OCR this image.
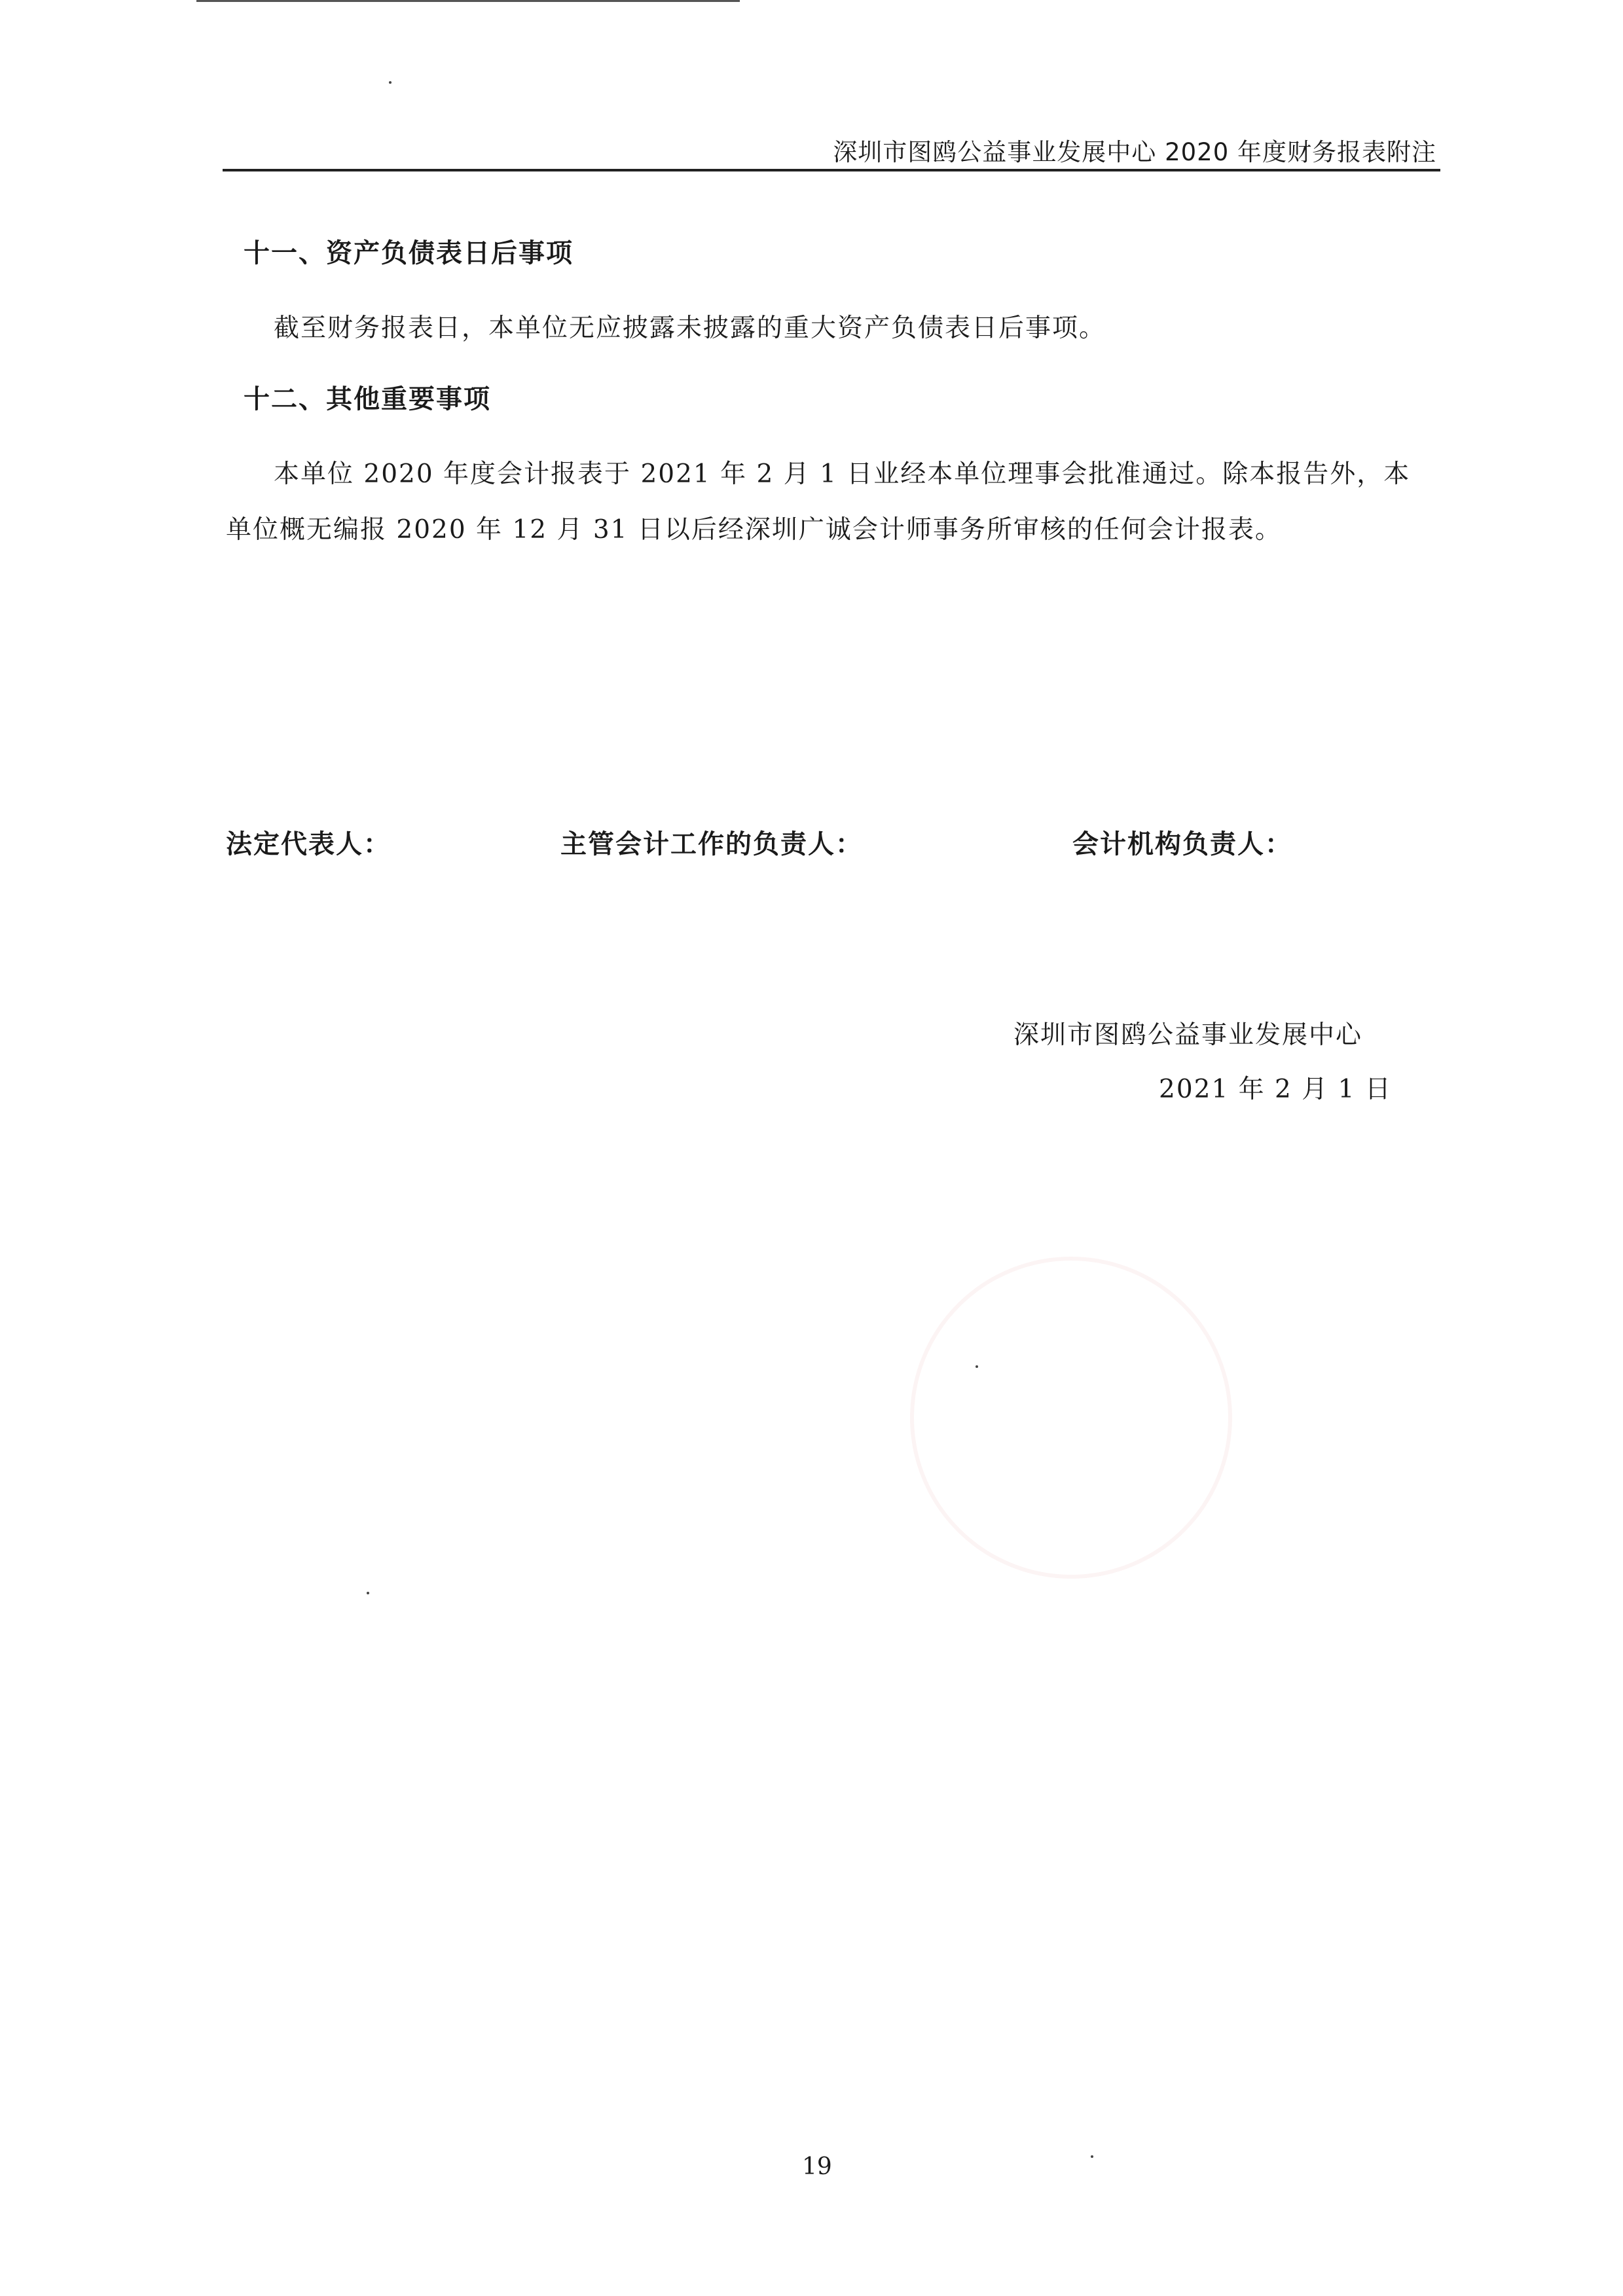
深圳市图鸥公益事业发展中心 2020 年度财务报表附注
十一、资产负债表日后事项
截至财务报表日，本单位无应披露未披露的重大资产负债表日后事项。
十二、其他重要事项
本单位 2020 年度会计报表于 2021 年 2 月 1 日业经本单位理事会批准通过。除本报告外，本
单位概无编报 2020 年 12 月 31 日以后经深圳广诚会计师事务所审核的任何会计报表。
法定代表人：	主管会计工作的负责人：	会计机构负责人：
深圳市图鸥公益事业发展中心
2021 年 2 月 1 日
19
